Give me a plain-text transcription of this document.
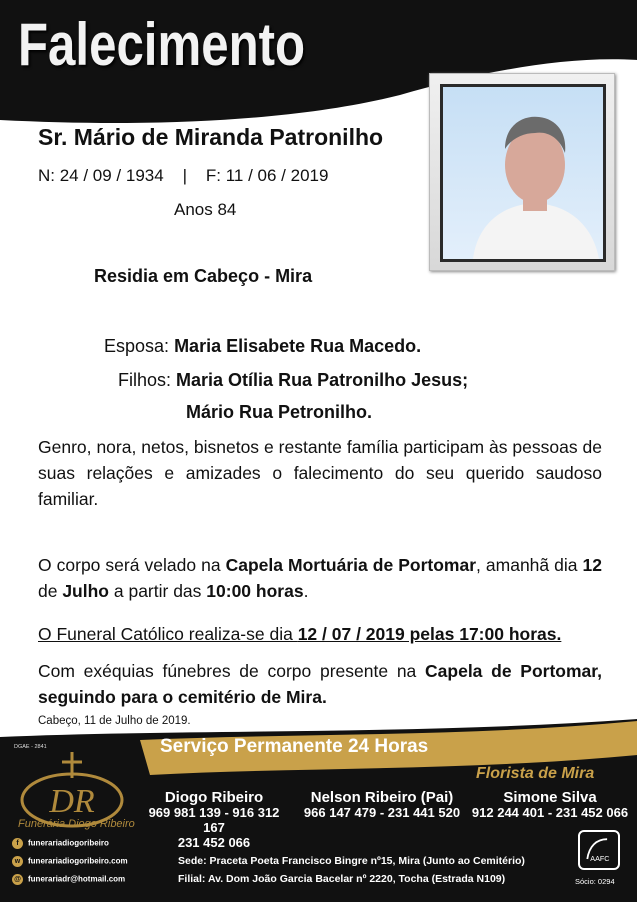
Falecimento
Sr. Mário de Miranda Patronilho
N: 24 / 09 / 1934    |    F: 11 / 06 / 2019
Anos 84
Residia em Cabeço - Mira
Esposa: Maria Elisabete Rua Macedo.
Filhos: Maria Otília Rua Patronilho Jesus;
Mário Rua Petronilho.
Genro, nora, netos, bisnetos e restante família participam às pessoas de suas relações e amizades o falecimento do seu querido saudoso familiar.
O corpo será velado na Capela Mortuária de Portomar, amanhã dia 12 de Julho a partir das 10:00 horas.
O Funeral Católico realiza-se dia 12 / 07 / 2019 pelas 17:00 horas.
Com exéquias fúnebres de corpo presente na Capela de Portomar, seguindo para o cemitério de Mira.
Cabeço, 11 de Julho de 2019.
DGAE - 2841	Serviço Permanente 24 Horas
Florista de Mira
DR
Funerária Diogo Ribeiro
Diogo Ribeiro
969 981 139 - 916 312 167
231 452 066
Nelson Ribeiro (Pai)
966 147 479 - 231 441 520
Simone Silva
912 244 401 - 231 452 066
f funerariadiogoribeiro
w funerariadiogoribeiro.com
@ funerariadr@hotmail.com
Sede: Praceta Poeta Francisco Bingre nº15, Mira (Junto ao Cemitério)
Filial: Av. Dom João Garcia Bacelar nº 2220, Tocha (Estrada N109)
AAFC
Sócio: 0294
